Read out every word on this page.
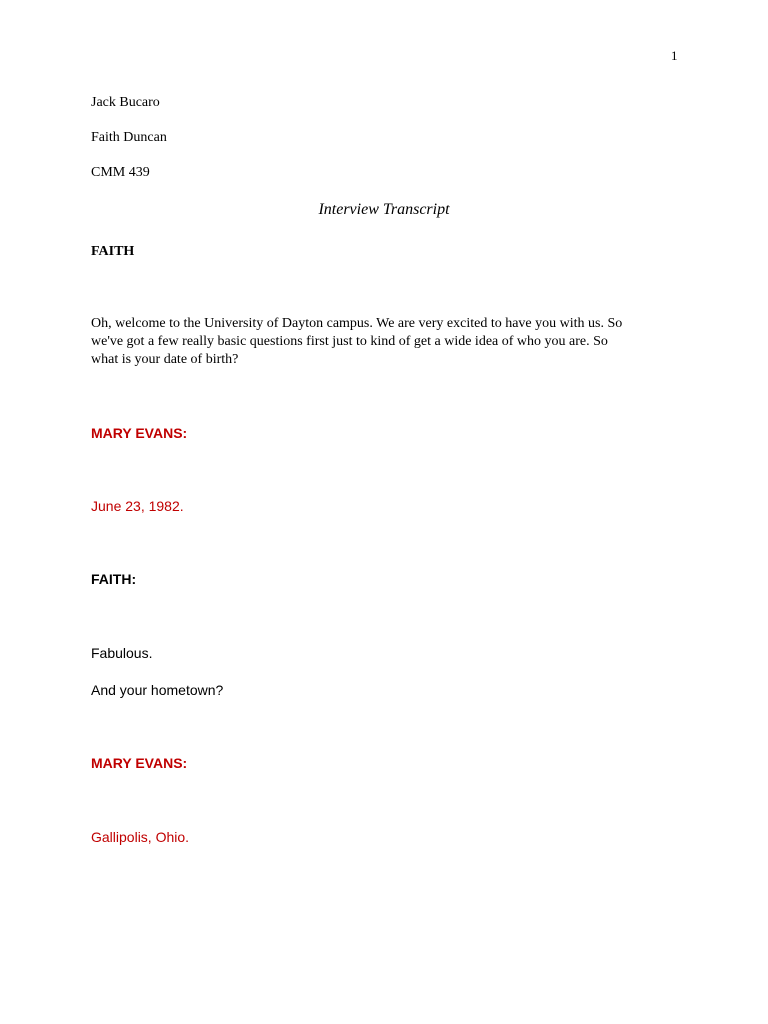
1
Jack Bucaro
Faith Duncan
CMM 439
Interview Transcript
FAITH
Oh, welcome to the University of Dayton campus. We are very excited to have you with us. So
we've got a few really basic questions first just to kind of get a wide idea of who you are. So
what is your date of birth?
MARY EVANS:
June 23, 1982.
FAITH:
Fabulous.
And your hometown?
MARY EVANS:
Gallipolis, Ohio.
